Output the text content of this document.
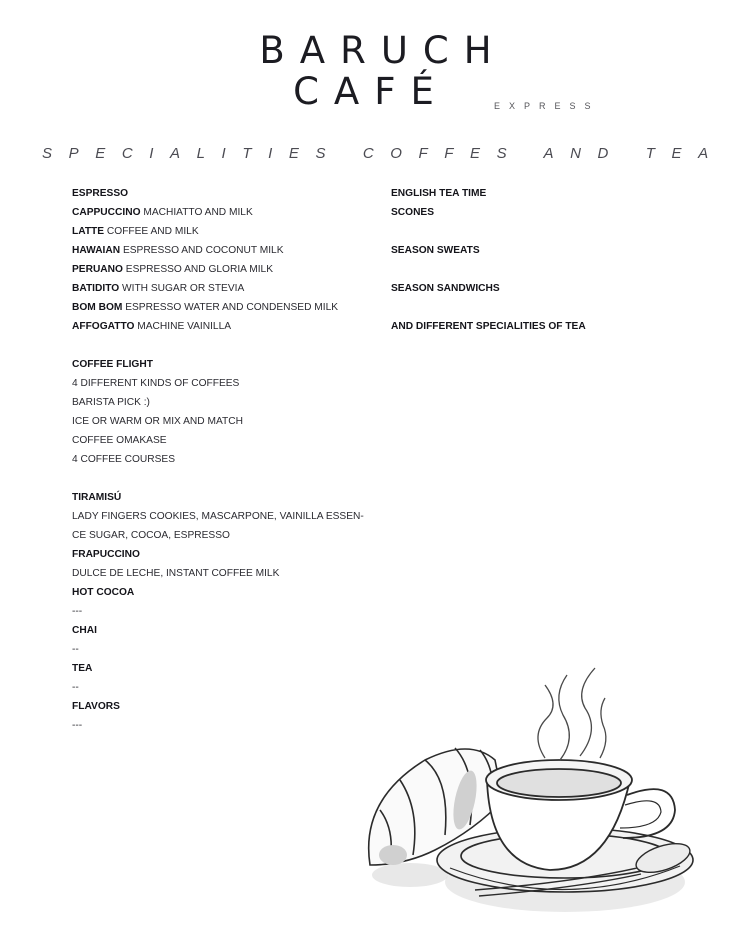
BARUCH
CAFÉ	EXPRESS
SPECIALITIES COFFES AND TEA
ESPRESSO
CAPPUCCINO MACHIATTO AND MILK
LATTE COFFEE AND MILK
HAWAIAN ESPRESSO AND COCONUT MILK
PERUANO ESPRESSO AND GLORIA MILK
BATIDITO WITH SUGAR OR STEVIA
BOM BOM ESPRESSO WATER AND CONDENSED MILK
AFFOGATTO MACHINE VAINILLA
COFFEE FLIGHT
4 DIFFERENT KINDS OF COFFEES
BARISTA PICK :)
ICE OR WARM OR MIX AND MATCH
COFFEE OMAKASE
4 COFFEE COURSES
TIRAMISÚ
LADY FINGERS COOKIES, MASCARPONE, VAINILLA ESSEN-
CE SUGAR, COCOA, ESPRESSO
FRAPUCCINO
DULCE DE LECHE, INSTANT COFFEE MILK
HOT COCOA
---
CHAI
--
TEA
--
FLAVORS
---
ENGLISH TEA TIME
SCONES
SEASON SWEATS
SEASON SANDWICHS
AND DIFFERENT SPECIALITIES OF TEA
